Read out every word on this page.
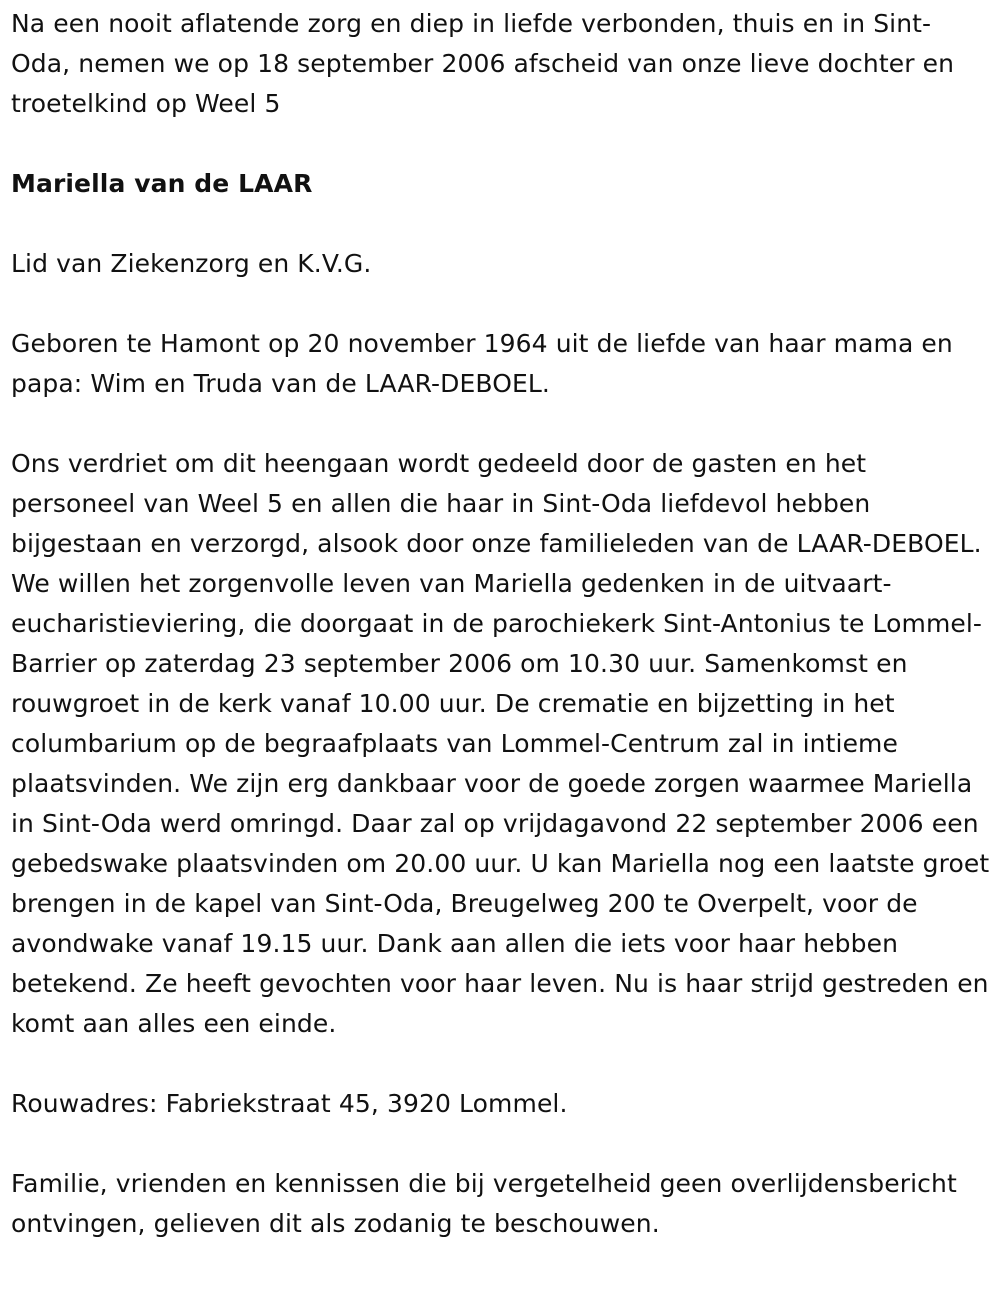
Na een nooit aflatende zorg en diep in liefde verbonden, thuis en in Sint-Oda, nemen we op 18 september 2006 afscheid van onze lieve dochter en troetelkind op Weel 5

Mariella van de LAAR

Lid van Ziekenzorg en K.V.G.

Geboren te Hamont op 20 november 1964 uit de liefde van haar mama en papa: Wim en Truda van de LAAR-DEBOEL.

Ons verdriet om dit heengaan wordt gedeeld door de gasten en het personeel van Weel 5 en allen die haar in Sint-Oda liefdevol hebben bijgestaan en verzorgd, alsook door onze familieleden van de LAAR-DEBOEL. We willen het zorgenvolle leven van Mariella gedenken in de uitvaart-eucharistieviering, die doorgaat in de parochiekerk Sint-Antonius te Lommel-Barrier op zaterdag 23 september 2006 om 10.30 uur. Samenkomst en rouwgroet in de kerk vanaf 10.00 uur. De crematie en bijzetting in het columbarium op de begraafplaats van Lommel-Centrum zal in intieme plaatsvinden. We zijn erg dankbaar voor de goede zorgen waarmee Mariella in Sint-Oda werd omringd. Daar zal op vrijdagavond 22 september 2006 een gebedswake plaatsvinden om 20.00 uur. U kan Mariella nog een laatste groet brengen in de kapel van Sint-Oda, Breugelweg 200 te Overpelt, voor de avondwake vanaf 19.15 uur. Dank aan allen die iets voor haar hebben betekend. Ze heeft gevochten voor haar leven. Nu is haar strijd gestreden en komt aan alles een einde.

Rouwadres: Fabriekstraat 45, 3920 Lommel.

Familie, vrienden en kennissen die bij vergetelheid geen overlijdensbericht ontvingen, gelieven dit als zodanig te beschouwen.
